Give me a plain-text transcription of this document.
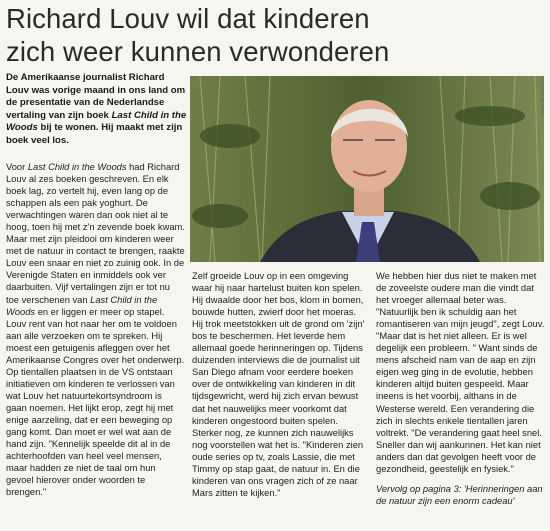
Richard Louv wil dat kinderen
zich weer kunnen verwonderen
De Amerikaanse journalist Richard Louv was vorige maand in ons land om de presentatie van de Nederlandse vertaling van zijn boek Last Child in the Woods bij te wonen. Hij maakt met zijn boek veel los.
Frans Boers/Chae

Voor Last Child in the Woods had Richard Louv al zes boeken geschreven. En elk boek lag, zo vertelt hij, even lang op de schappen als een pak yoghurt. De verwachtingen waren dan ook niet al te hoog, toen hij met z'n zevende boek kwam. Maar met zijn pleidooi om kinderen weer met de natuur in contact te brengen, raakte Louv een snaar en niet zo zuinig ook. In de Verenigde Staten en inmiddels ook ver daarbuiten. Vijf vertalingen zijn er tot nu toe verschenen van Last Child in the Woods en er liggen er meer op stapel. Louv rent van hot naar her om te voldoen aan alle verzoeken om te spreken. Hij moest een getuigenis afleggen over het Amerikaanse Congres over het onderwerp. Op tientallen plaatsen in de VS ontstaan initiatieven om kinderen te verlossen van wat Louv het natuurtekortsyndroom is gaan noemen. Het lijkt erop, zegt hij met enige aarzeling, dat er een beweging op gang komt. Dan moet er wel wat aan de hand zijn. "Kennelijk speelde dit al in de achterhoofden van heel veel mensen, maar hadden ze niet de taal om hun gevoel hierover onder woorden te brengen."

Zelf groeide Louv op in een omgeving waar hij naar hartelust buiten kon spelen. Hij dwaalde door het bos, klom in bomen, bouwde hutten, zwierf door het moeras. Hij trok meetstokken uit de grond om 'zijn' bos te beschermen. Het leverde hem allemaal goede herinneringen op. Tijdens duizenden interviews die de journalist uit San Diego afnam voor eerdere boeken over de ontwikkeling van kinderen in dit tijdsgewricht, werd hij zich ervan bewust dat het nauwelijks meer voorkomt dat kinderen ongestoord buiten spelen. Sterker nog, ze kunnen zich nauwelijks nog voorstellen wat het is. "Kinderen zien oude series op tv, zoals Lassie, die met Timmy op stap gaat, de natuur in. En die kinderen van ons vragen zich of ze naar Mars zitten te kijken."

We hebben hier dus niet te maken met de zoveelste oudere man die vindt dat het vroeger allemaal beter was. "Natuurlijk ben ik schuldig aan het romantiseren van mijn jeugd", zegt Louv. "Maar dat is het niet alleen. Er is wel degelijk een probleem. " Want sinds de mens afscheid nam van de aap en zijn eigen weg ging in de evolutie, hebben kinderen altijd buiten gespeeld. Maar ineens is het voorbij, althans in de Westerse wereld. Een verandering die zich in slechts enkele tientallen jaren voltrekt. "De verandering gaat heel snel. Sneller dan wij aankunnen. Het kan niet anders dan dat gevolgen heeft voor de gezondheid, geestelijk en fysiek."

Vervolg op pagina 3: 'Herinneringen aan de natuur zijn een enorm cadeau'
